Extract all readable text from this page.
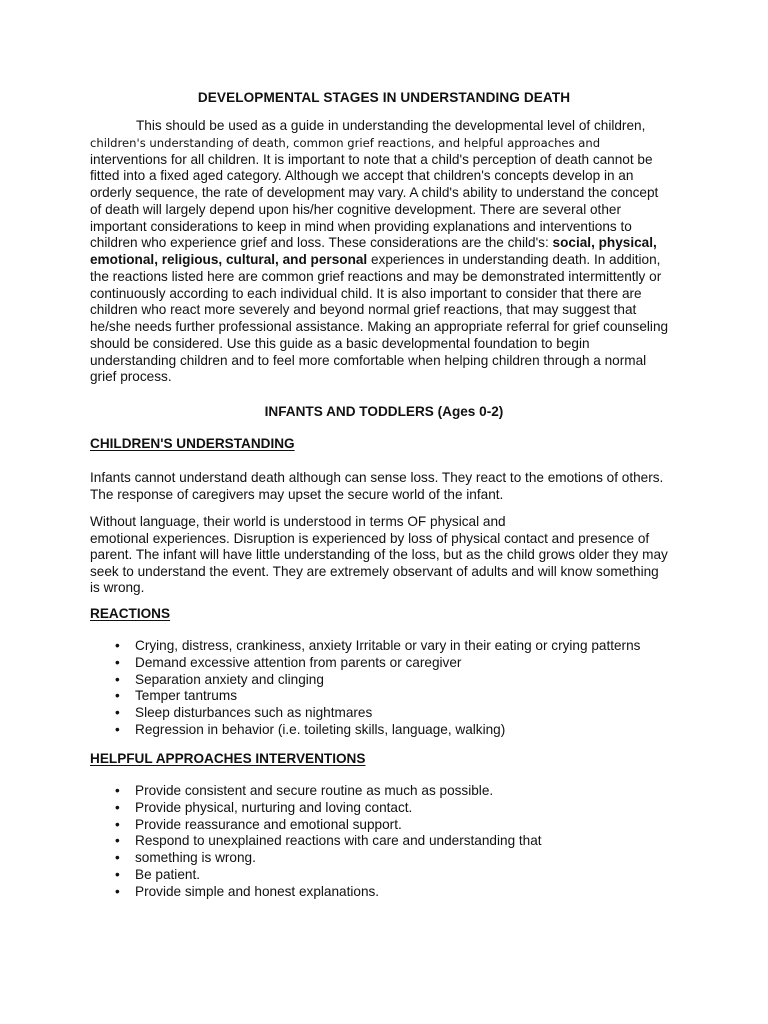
DEVELOPMENTAL STAGES IN UNDERSTANDING DEATH
This should be used as a guide in understanding the developmental level of children,
children's understanding of death, common grief reactions, and helpful approaches and
interventions for all children. It is important to note that a child's perception of death cannot be
fitted into a fixed aged category. Although we accept that children's concepts develop in an
orderly sequence, the rate of development may vary. A child's ability to understand the concept
of death will largely depend upon his/her cognitive development. There are several other
important considerations to keep in mind when providing explanations and interventions to
children who experience grief and loss. These considerations are the child's: social, physical,
emotional, religious, cultural, and personal experiences in understanding death. In addition,
the reactions listed here are common grief reactions and may be demonstrated intermittently or
continuously according to each individual child. It is also important to consider that there are
children who react more severely and beyond normal grief reactions, that may suggest that
he/she needs further professional assistance. Making an appropriate referral for grief counseling
should be considered. Use this guide as a basic developmental foundation to begin
understanding children and to feel more comfortable when helping children through a normal
grief process.
INFANTS AND TODDLERS (Ages 0-2)
CHILDREN'S UNDERSTANDING
Infants cannot understand death although can sense loss. They react to the emotions of others.
The response of caregivers may upset the secure world of the infant.
Without language, their world is understood in terms OF physical and
emotional experiences. Disruption is experienced by loss of physical contact and presence of
parent. The infant will have little understanding of the loss, but as the child grows older they may
seek to understand the event. They are extremely observant of adults and will know something
is wrong.
REACTIONS
• Crying, distress, crankiness, anxiety Irritable or vary in their eating or crying patterns
• Demand excessive attention from parents or caregiver
• Separation anxiety and clinging
• Temper tantrums
• Sleep disturbances such as nightmares
• Regression in behavior (i.e. toileting skills, language, walking)
HELPFUL APPROACHES INTERVENTIONS
• Provide consistent and secure routine as much as possible.
• Provide physical, nurturing and loving contact.
• Provide reassurance and emotional support.
• Respond to unexplained reactions with care and understanding that
• something is wrong.
• Be patient.
• Provide simple and honest explanations.
